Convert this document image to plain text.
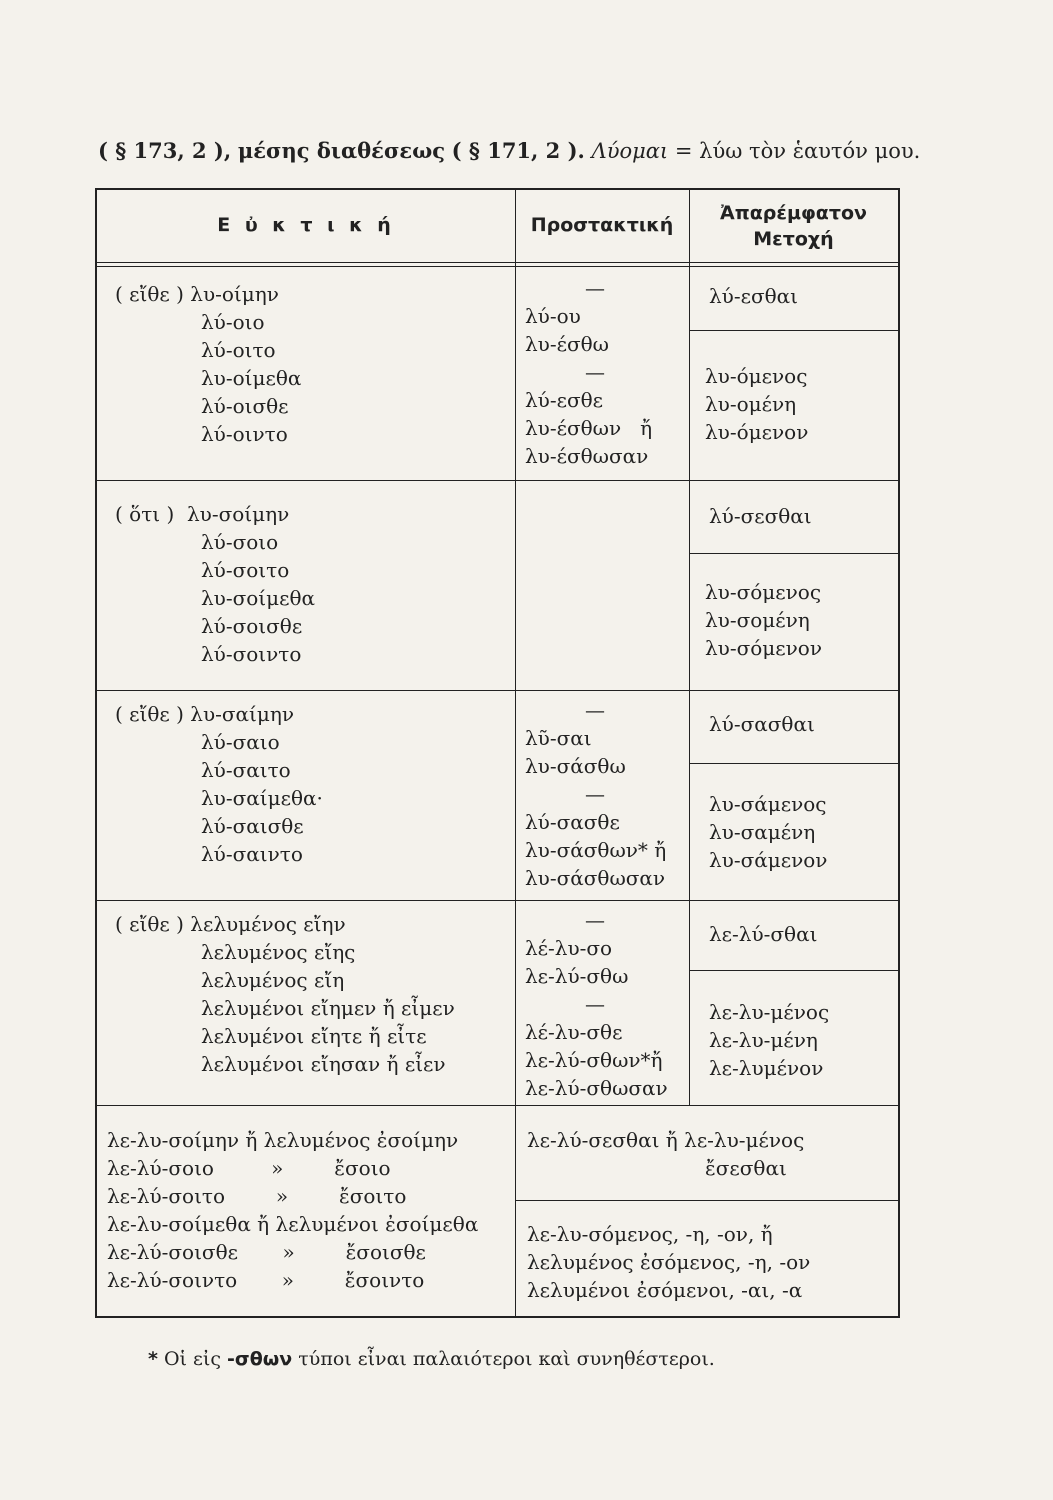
( § 173, 2 ), μέσης διαθέσεως ( § 171, 2 ). Λύομαι = λύω τὸν ἑαυτόν μου.
Ε ὐ κ τ ι κ ή	Προστακτική
Ἀπαρέμφατον
Μετοχή
( εἴθε ) λυ-οίμην
λύ-οιο
λύ-οιτο
λυ-οίμεθα
λύ-οισθε
λύ-οιντο
—
λύ-ου
λυ-έσθω
—
λύ-εσθε
λυ-έσθων   ἤ
λυ-έσθωσαν
λύ-εσθαι
λυ-όμενος
λυ-ομένη
λυ-όμενον
( ὅτι )  λυ-σοίμην
λύ-σοιο
λύ-σοιτο
λυ-σοίμεθα
λύ-σοισθε
λύ-σοιντο
λύ-σεσθαι
λυ-σόμενος
λυ-σομένη
λυ-σόμενον
( εἴθε ) λυ-σαίμην
λύ-σαιο
λύ-σαιτο
λυ-σαίμεθα·
λύ-σαισθε
λύ-σαιντο
—
λῦ-σαι
λυ-σάσθω
—
λύ-σασθε
λυ-σάσθων* ἤ
λυ-σάσθωσαν
λύ-σασθαι
λυ-σάμενος
λυ-σαμένη
λυ-σάμενον
( εἴθε ) λελυμένος εἴην
λελυμένος εἴης
λελυμένος εἴη
λελυμένοι εἴημεν ἤ εἶμεν
λελυμένοι εἴητε ἤ εἶτε
λελυμένοι εἴησαν ἤ εἶεν
—
λέ-λυ-σο
λε-λύ-σθω
—
λέ-λυ-σθε
λε-λύ-σθων*ἤ
λε-λύ-σθωσαν
λε-λύ-σθαι
λε-λυ-μένος
λε-λυ-μένη
λε-λυμένον
λε-λυ-σοίμην ἤ λελυμένος ἐσοίμην
λε-λύ-σοιο         »        ἔσοιο
λε-λύ-σοιτο        »        ἔσοιτο
λε-λυ-σοίμεθα ἤ λελυμένοι ἐσοίμεθα
λε-λύ-σοισθε       »        ἔσοισθε
λε-λύ-σοιντο       »        ἔσοιντο
λε-λύ-σεσθαι ἤ λε-λυ-μένος
ἔσεσθαι
λε-λυ-σόμενος, -η, -ον, ἤ
λελυμένος ἐσόμενος, -η, -ον
λελυμένοι ἐσόμενοι, -αι, -α
* Οἱ εἰς -σθων τύποι εἶναι παλαιότεροι καὶ συνηθέστεροι.
